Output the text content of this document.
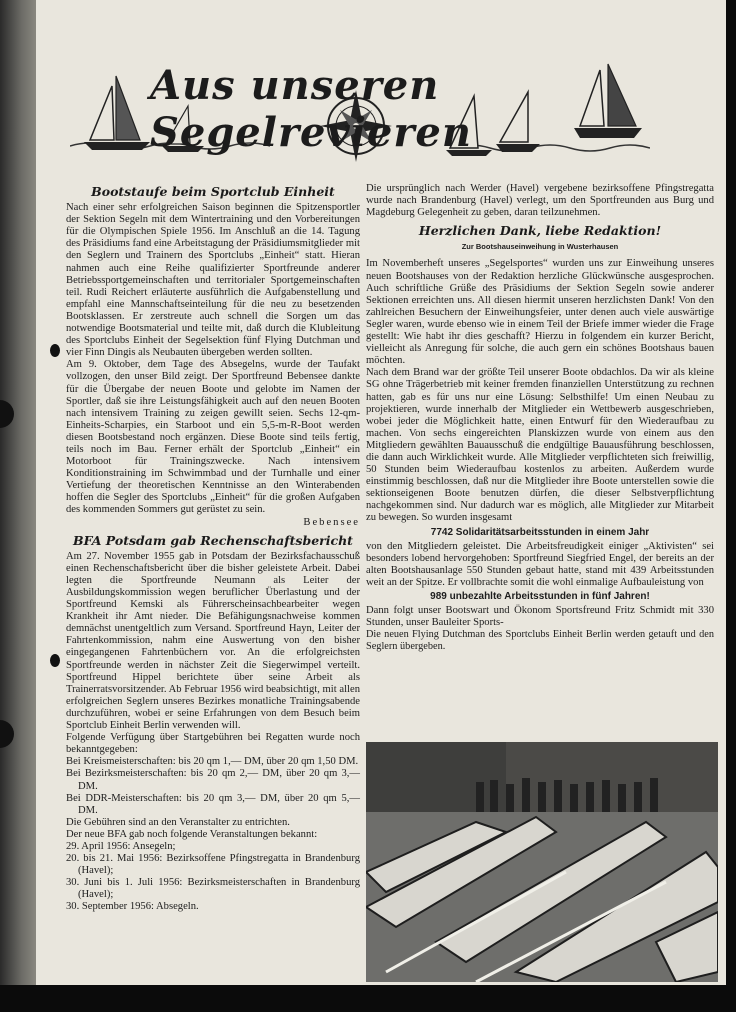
Aus unseren Segelrevieren
Bootstaufe beim Sportclub Einheit

Nach einer sehr erfolgreichen Saison beginnen die Spitzensportler der Sektion Segeln mit dem Wintertraining und den Vorbereitungen für die Olympischen Spiele 1956. Im Anschluß an die 14. Tagung des Präsidiums fand eine Arbeitstagung der Präsidiumsmitglieder mit den Seglern und Trainern des Sportclubs „Einheit“ statt. Hieran nahmen auch eine Reihe qualifizierter Sportfreunde anderer Betriebssportgemeinschaften und territorialer Sportgemeinschaften teil. Rudi Reichert erläuterte ausführlich die Aufgabenstellung und empfahl eine Mannschaftseinteilung für die neu zu besetzenden Bootsklassen. Er zerstreute auch schnell die Sorgen um das notwendige Bootsmaterial und teilte mit, daß durch die Klubleitung des Sportclubs Einheit der Segelsektion fünf Flying Dutchman und vier Finn Dingis als Neubauten übergeben werden sollten.

Am 9. Oktober, dem Tage des Absegelns, wurde der Taufakt vollzogen, den unser Bild zeigt. Der Sportfreund Bebensee dankte für die Übergabe der neuen Boote und gelobte im Namen der Sportler, daß sie ihre Leistungsfähigkeit auch auf den neuen Booten nach intensivem Training zu zeigen gewillt seien. Sechs 12-qm-Einheits-Scharpies, ein Starboot und ein 5,5-m-R-Boot werden diesen Bootsbestand noch ergänzen. Diese Boote sind teils fertig, teils noch im Bau. Ferner erhält der Sportclub „Einheit“ ein Motorboot für Trainingszwecke. Nach intensivem Konditionstraining im Schwimmbad und der Turnhalle und einer Vertiefung der theoretischen Kenntnisse an den Winterabenden hoffen die Segler des Sportclubs „Einheit“ für die großen Aufgaben des kommenden Sommers gut gerüstet zu sein.

Bebensee
BFA Potsdam gab Rechenschaftsbericht

Am 27. November 1955 gab in Potsdam der Bezirksfachausschuß einen Rechenschaftsbericht über die bisher geleistete Arbeit. Dabei legten die Sportfreunde Neumann als Leiter der Ausbildungskommission wegen beruflicher Überlastung und der Sportfreund Kemski als Führerscheinsachbearbeiter wegen Krankheit ihr Amt nieder. Die Befähigungsnachweise kommen demnächst unentgeltlich zum Versand. Sportfreund Hayn, Leiter der Fahrtenkommission, nahm eine Auswertung von den bisher eingegangenen Fahrtenbüchern vor. An die erfolgreichsten Sportfreunde werden in nächster Zeit die Siegerwimpel verteilt. Sportfreund Hippel berichtete über seine Arbeit als Trainerratsvorsitzender. Ab Februar 1956 wird beabsichtigt, mit allen erfolgreichen Seglern unseres Bezirkes monatliche Trainingsabende durchzuführen, wobei er seine Erfahrungen von dem Besuch beim Sportclub Einheit Berlin verwenden will.

Folgende Verfügung über Startgebühren bei Regatten wurde noch bekanntgegeben:

Bei Kreismeisterschaften: bis 20 qm 1,— DM, über 20 qm 1,50 DM.

Bei Bezirksmeisterschaften: bis 20 qm 2,— DM, über 20 qm 3,— DM.

Bei DDR-Meisterschaften: bis 20 qm 3,— DM, über 20 qm 5,— DM.

Die Gebühren sind an den Veranstalter zu entrichten.

Der neue BFA gab noch folgende Veranstaltungen bekannt:

29. April 1956: Ansegeln;

20. bis 21. Mai 1956: Bezirksoffene Pfingstregatta in Brandenburg (Havel);

30. Juni bis 1. Juli 1956: Bezirksmeisterschaften in Brandenburg (Havel);

30. September 1956: Absegeln.

Die ursprünglich nach Werder (Havel) vergebene bezirksoffene Pfingstregatta wurde nach Brandenburg (Havel) verlegt, um den Sportfreunden aus Burg und Magdeburg Gelegenheit zu geben, daran teilzunehmen.

Herzlichen Dank, liebe Redaktion!
Zur Bootshauseinweihung in Wusterhausen

Im Novemberheft unseres „Segelsportes“ wurden uns zur Einweihung unseres neuen Bootshauses von der Redaktion herzliche Glückwünsche ausgesprochen. Auch schriftliche Grüße des Präsidiums der Sektion Segeln sowie anderer Sektionen erreichten uns. All diesen hiermit unseren herzlichsten Dank! Von den zahlreichen Besuchern der Einweihungsfeier, unter denen auch viele auswärtige Segler waren, wurde ebenso wie in einem Teil der Briefe immer wieder die Frage gestellt: Wie habt ihr dies geschafft? Hierzu in folgendem ein kurzer Bericht, vielleicht als Anregung für solche, die auch gern ein schönes Bootshaus bauen möchten.

Nach dem Brand war der größte Teil unserer Boote obdachlos. Da wir als kleine SG ohne Trägerbetrieb mit keiner fremden finanziellen Unterstützung zu rechnen hatten, gab es für uns nur eine Lösung: Selbsthilfe! Um einen Neubau zu projektieren, wurde innerhalb der Mitglieder ein Wettbewerb ausgeschrieben, wobei jeder die Möglichkeit hatte, einen Entwurf für den Wiederaufbau zu machen. Von sechs eingereichten Planskizzen wurde von einem aus den Mitgliedern gewählten Bauausschuß die endgültige Bauausführung beschlossen, die dann auch Wirklichkeit wurde. Alle Mitglieder verpflichteten sich freiwillig, 50 Stunden beim Wiederaufbau kostenlos zu arbeiten. Außerdem wurde einstimmig beschlossen, daß nur die Mitglieder ihre Boote unterstellen sowie die sektionseigenen Boote benutzen dürfen, die dieser Selbstverpflichtung nachgekommen sind. Nur dadurch war es möglich, alle Mitglieder zur Mitarbeit zu bewegen. So wurden insgesamt

7742 Solidaritätsarbeitsstunden in einem Jahr

von den Mitgliedern geleistet. Die Arbeitsfreudigkeit einiger „Aktivisten“ sei besonders lobend hervorgehoben: Sportfreund Siegfried Engel, der bereits an der alten Bootshausanlage 550 Stunden gebaut hatte, stand mit 439 Arbeitsstunden weit an der Spitze. Er vollbrachte somit die wohl einmalige Aufbauleistung von

989 unbezahlte Arbeitsstunden in fünf Jahren!

Dann folgt unser Bootswart und Ökonom Sportsfreund Fritz Schmidt mit 330 Stunden, unser Bauleiter Sports-

Die neuen Flying Dutchman des Sportclubs Einheit Berlin werden getauft und den Seglern übergeben.
